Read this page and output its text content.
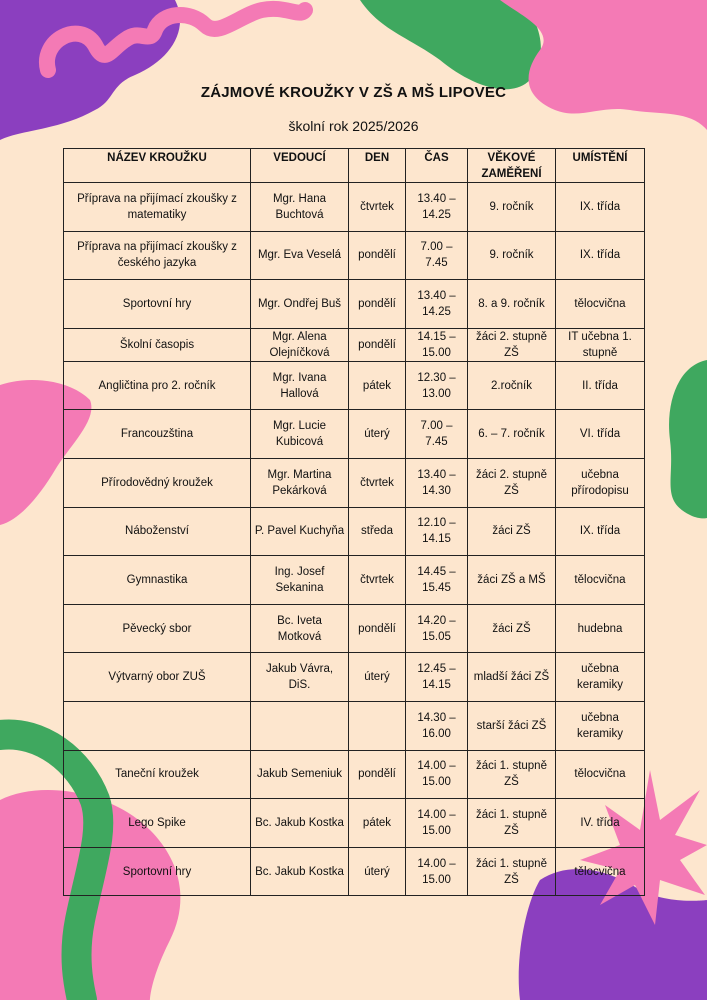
ZÁJMOVÉ KROUŽKY V ZŠ A MŠ LIPOVEC
školní rok 2025/2026
NÁZEV KROUŽKU	VEDOUCÍ	DEN	ČAS	VĚKOVÉ ZAMĚŘENÍ	UMÍSTĚNÍ
Příprava na přijímací zkoušky z matematiky	Mgr. Hana Buchtová	čtvrtek	13.40 – 14.25	9. ročník	IX. třída
Příprava na přijímací zkoušky z českého jazyka	Mgr. Eva Veselá	pondělí	7.00 – 7.45	9. ročník	IX. třída
Sportovní hry	Mgr. Ondřej Buš	pondělí	13.40 – 14.25	8. a 9. ročník	tělocvična
Školní časopis	Mgr. Alena Olejníčková	pondělí	14.15 – 15.00	žáci 2. stupně ZŠ	IT učebna 1. stupně
Angličtina pro 2. ročník	Mgr. Ivana Hallová	pátek	12.30 – 13.00	2.ročník	II. třída
Francouzština	Mgr. Lucie Kubicová	úterý	7.00 – 7.45	6. – 7. ročník	VI. třída
Přírodovědný kroužek	Mgr. Martina Pekárková	čtvrtek	13.40 – 14.30	žáci 2. stupně ZŠ	učebna přírodopisu
Náboženství	P. Pavel Kuchyňa	středa	12.10 – 14.15	žáci ZŠ	IX. třída
Gymnastika	Ing. Josef Sekanina	čtvrtek	14.45 – 15.45	žáci ZŠ a MŠ	tělocvična
Pěvecký sbor	Bc. Iveta Motková	pondělí	14.20 – 15.05	žáci ZŠ	hudebna
Výtvarný obor ZUŠ	Jakub Vávra, DiS.	úterý	12.45 – 14.15	mladší žáci ZŠ	učebna keramiky
			14.30 – 16.00	starší žáci ZŠ	učebna keramiky
Taneční kroužek	Jakub Semeniuk	pondělí	14.00 – 15.00	žáci 1. stupně ZŠ	tělocvična
Lego Spike	Bc. Jakub Kostka	pátek	14.00 – 15.00	žáci 1. stupně ZŠ	IV. třída
Sportovní hry	Bc. Jakub Kostka	úterý	14.00 – 15.00	žáci 1. stupně ZŠ	tělocvična
